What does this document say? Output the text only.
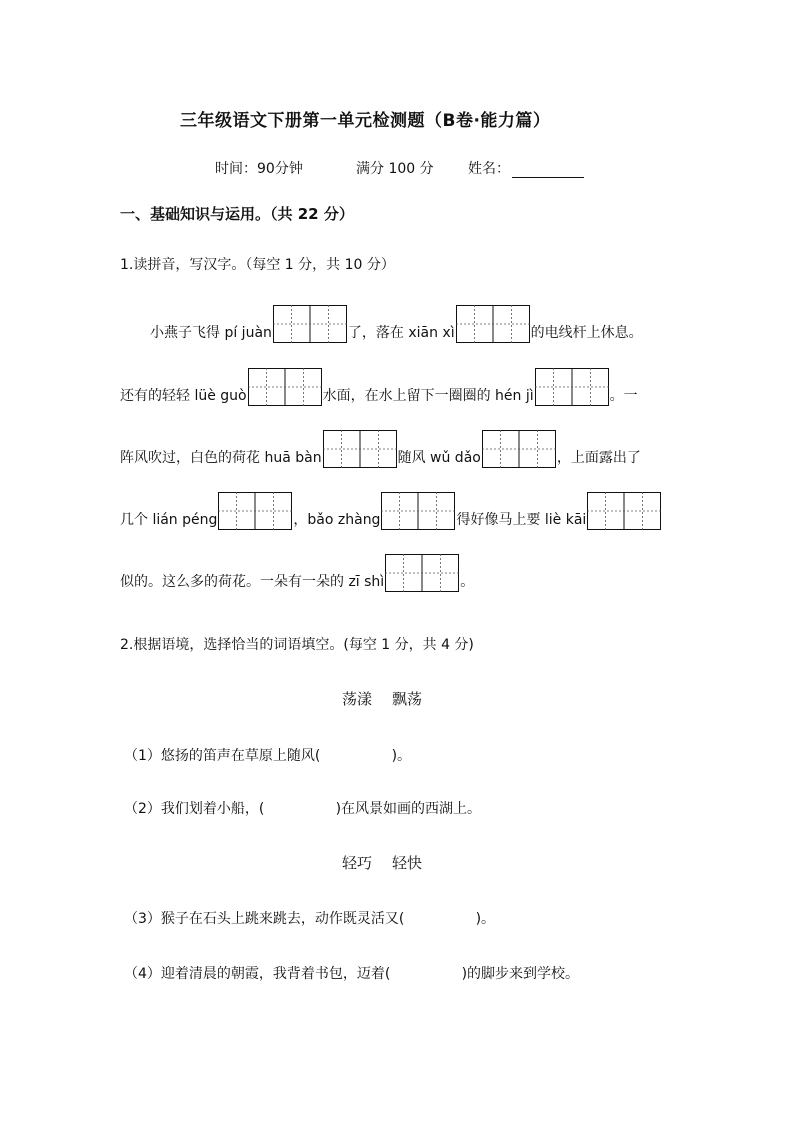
三年级语文下册第一单元检测题（B卷·能力篇）
时间：90分钟	满分 100 分 姓名：
一、基础知识与运用。（共 22 分）
1.读拼音，写汉字。（每空 1 分，共 10 分）
小燕子飞得 pí juàn	了，落在 xiān xì	的电线杆上休息。
还有的轻轻 lüè guò	水面，在水上留下一圈圈的 hén jì	。一
阵风吹过，白色的荷花 huā bàn	随风 wǔ dǎo	，上面露出了
几个 lián péng	，bǎo zhàng	得好像马上要 liè kāi
似的。这么多的荷花。一朵有一朵的 zī shì	。
2.根据语境，选择恰当的词语填空。(每空 1 分，共 4 分)
荡漾 飘荡
（1）悠扬的笛声在草原上随风(                )。
（2）我们划着小船，(                )在风景如画的西湖上。
轻巧 轻快
（3）猴子在石头上跳来跳去，动作既灵活又(                )。
（4）迎着清晨的朝霞，我背着书包，迈着(                )的脚步来到学校。
